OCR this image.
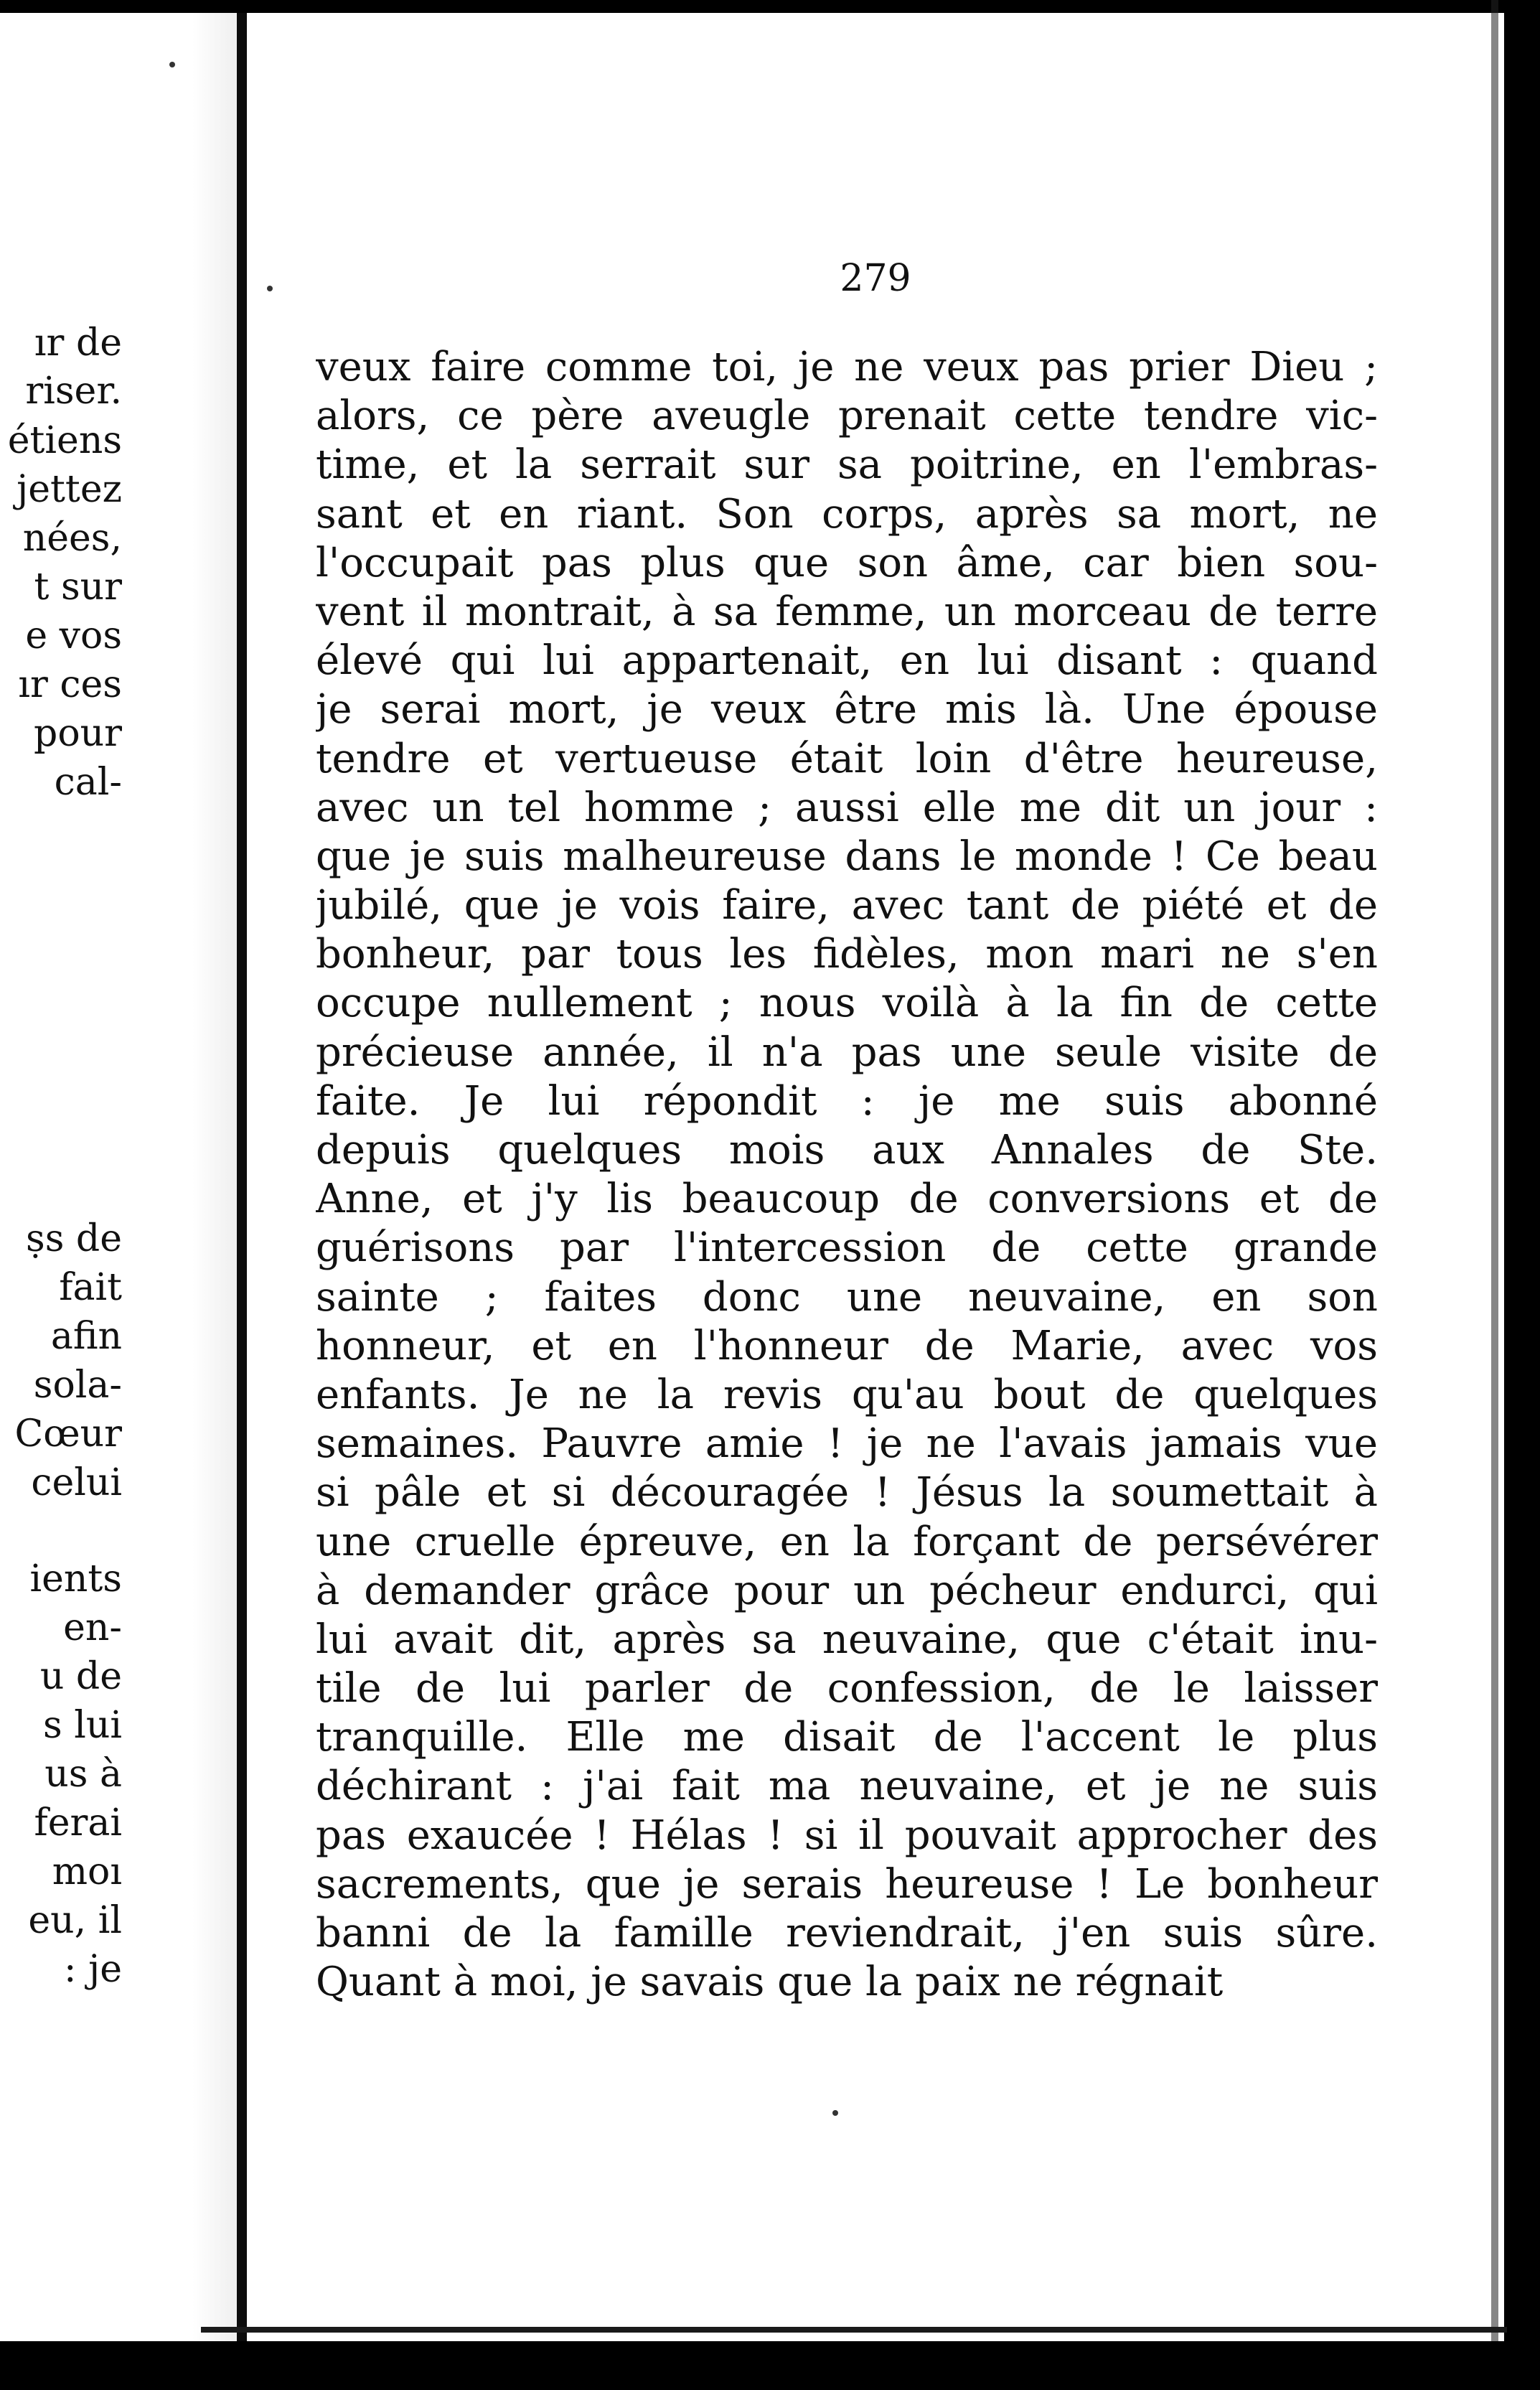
ır de
riser.
étiens
jettez
nées,
t sur
e vos
ır ces
pour
cal-
ṣs de
fait
afin
sola-
Cœur
celui
ients
en-
u de
s lui
us à
ferai
moı
eu, il
: je
279
veux faire comme toi, je ne veux pas prier Dieu ;
alors, ce père aveugle prenait cette tendre vic-
time, et la serrait sur sa poitrine, en l'embras-
sant et en riant. Son corps, après sa mort, ne
l'occupait pas plus que son âme, car bien sou-
vent il montrait, à sa femme, un morceau de terre
élevé qui lui appartenait, en lui disant : quand
je serai mort, je veux être mis là. Une épouse
tendre et vertueuse était loin d'être heureuse,
avec un tel homme ; aussi elle me dit un jour :
que je suis malheureuse dans le monde ! Ce beau
jubilé, que je vois faire, avec tant de piété et de
bonheur, par tous les fidèles, mon mari ne s'en
occupe nullement ; nous voilà à la fin de cette
précieuse année, il n'a pas une seule visite de
faite. Je lui répondit : je me suis abonné
depuis quelques mois aux Annales de Ste.
Anne, et j'y lis beaucoup de conversions et de
guérisons par l'intercession de cette grande
sainte ; faites donc une neuvaine, en son
honneur, et en l'honneur de Marie, avec vos
enfants. Je ne la revis qu'au bout de quelques
semaines. Pauvre amie ! je ne l'avais jamais vue
si pâle et si découragée ! Jésus la soumettait à
une cruelle épreuve, en la forçant de persévérer
à demander grâce pour un pécheur endurci, qui
lui avait dit, après sa neuvaine, que c'était inu-
tile de lui parler de confession, de le laisser
tranquille. Elle me disait de l'accent le plus
déchirant : j'ai fait ma neuvaine, et je ne suis
pas exaucée ! Hélas ! si il pouvait approcher des
sacrements, que je serais heureuse ! Le bonheur
banni de la famille reviendrait, j'en suis sûre.
Quant à moi, je savais que la paix ne régnait
